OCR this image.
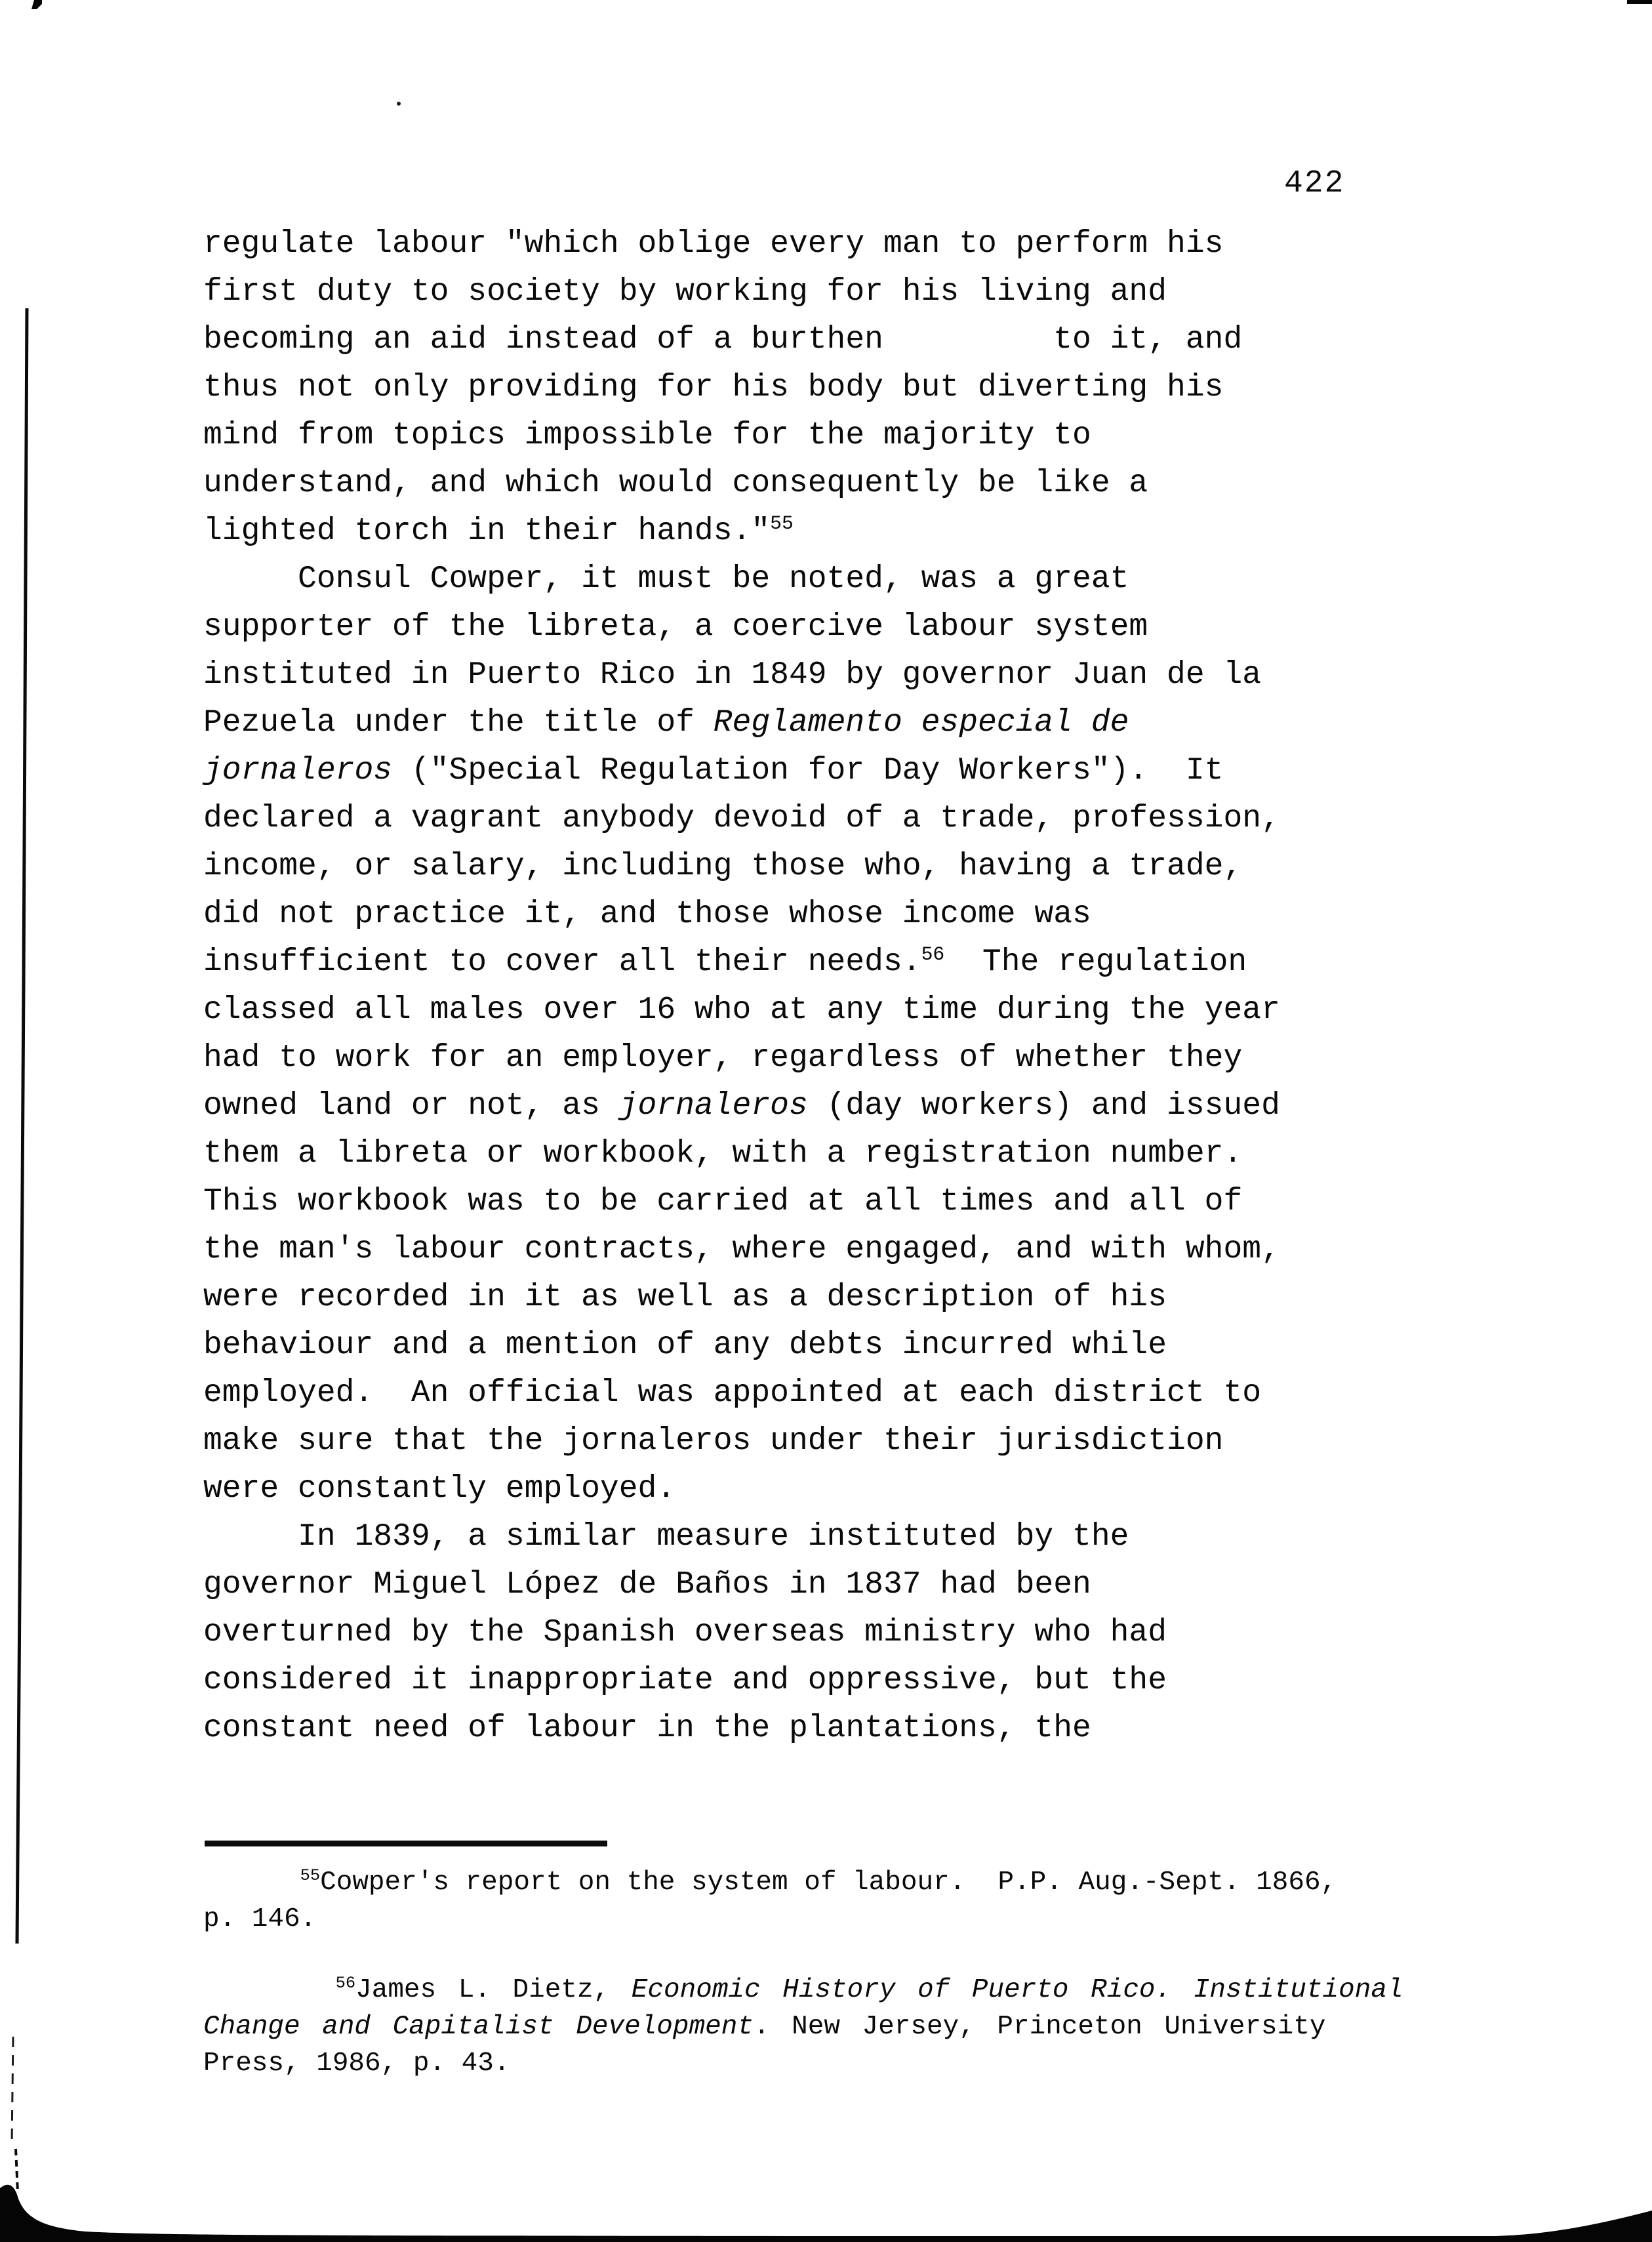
422
regulate labour "which oblige every man to perform his
first duty to society by working for his living and
becoming an aid instead of a burthen         to it, and
thus not only providing for his body but diverting his
mind from topics impossible for the majority to
understand, and which would consequently be like a
lighted torch in their hands."$^{55}$
Consul Cowper, it must be noted, was a great
supporter of the libreta, a coercive labour system
instituted in Puerto Rico in 1849 by governor Juan de la
Pezuela under the title of Reglamento especial de
jornaleros ("Special Regulation for Day Workers").  It
declared a vagrant anybody devoid of a trade, profession,
income, or salary, including those who, having a trade,
did not practice it, and those whose income was
insufficient to cover all their needs.$^{56}$  The regulation
classed all males over 16 who at any time during the year
had to work for an employer, regardless of whether they
owned land or not, as jornaleros (day workers) and issued
them a libreta or workbook, with a registration number.
This workbook was to be carried at all times and all of
the man's labour contracts, where engaged, and with whom,
were recorded in it as well as a description of his
behaviour and a mention of any debts incurred while
employed.  An official was appointed at each district to
make sure that the jornaleros under their jurisdiction
were constantly employed.
In 1839, a similar measure instituted by the
governor Miguel López de Baños in 1837 had been
overturned by the Spanish overseas ministry who had
considered it inappropriate and oppressive, but the
constant need of labour in the plantations, the
$^{55}$Cowper's report on the system of labour.  P.P. Aug.-Sept. 1866,
p. 146.
$^{56}$James L. Dietz, Economic History of Puerto Rico. Institutional
Change and Capitalist Development. New Jersey, Princeton University
Press, 1986, p. 43.
